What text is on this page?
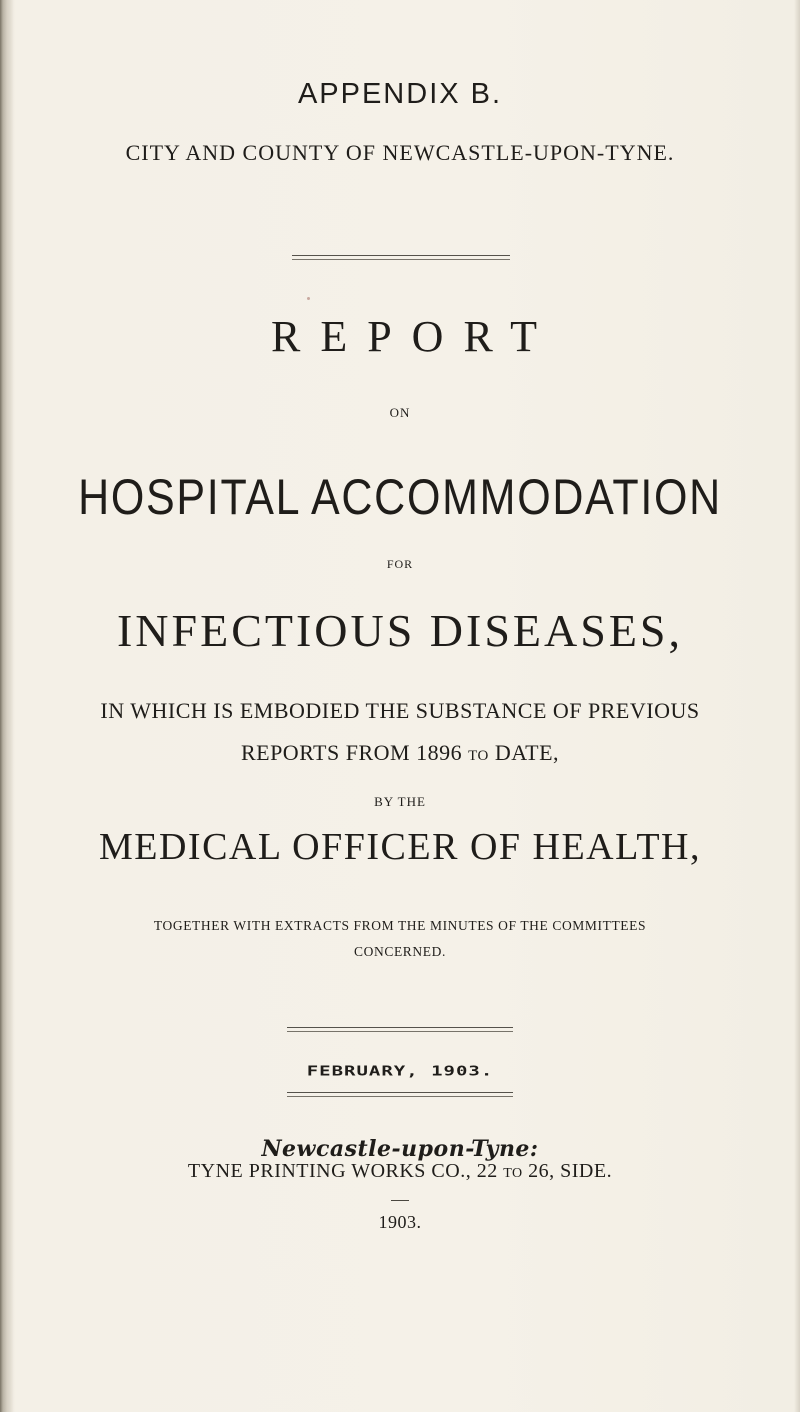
APPENDIX B.
CITY AND COUNTY OF NEWCASTLE-UPON-TYNE.
REPORT
ON
HOSPITAL ACCOMMODATION
FOR
INFECTIOUS DISEASES,
IN WHICH IS EMBODIED THE SUBSTANCE OF PREVIOUS
REPORTS FROM 1896 TO DATE,
BY THE
MEDICAL OFFICER OF HEALTH,
TOGETHER WITH EXTRACTS FROM THE MINUTES OF THE COMMITTEES
CONCERNED.
FEBRUARY, 1903.
Newcastle-upon-Tyne:
TYNE PRINTING WORKS CO., 22 TO 26, SIDE.
1903.
